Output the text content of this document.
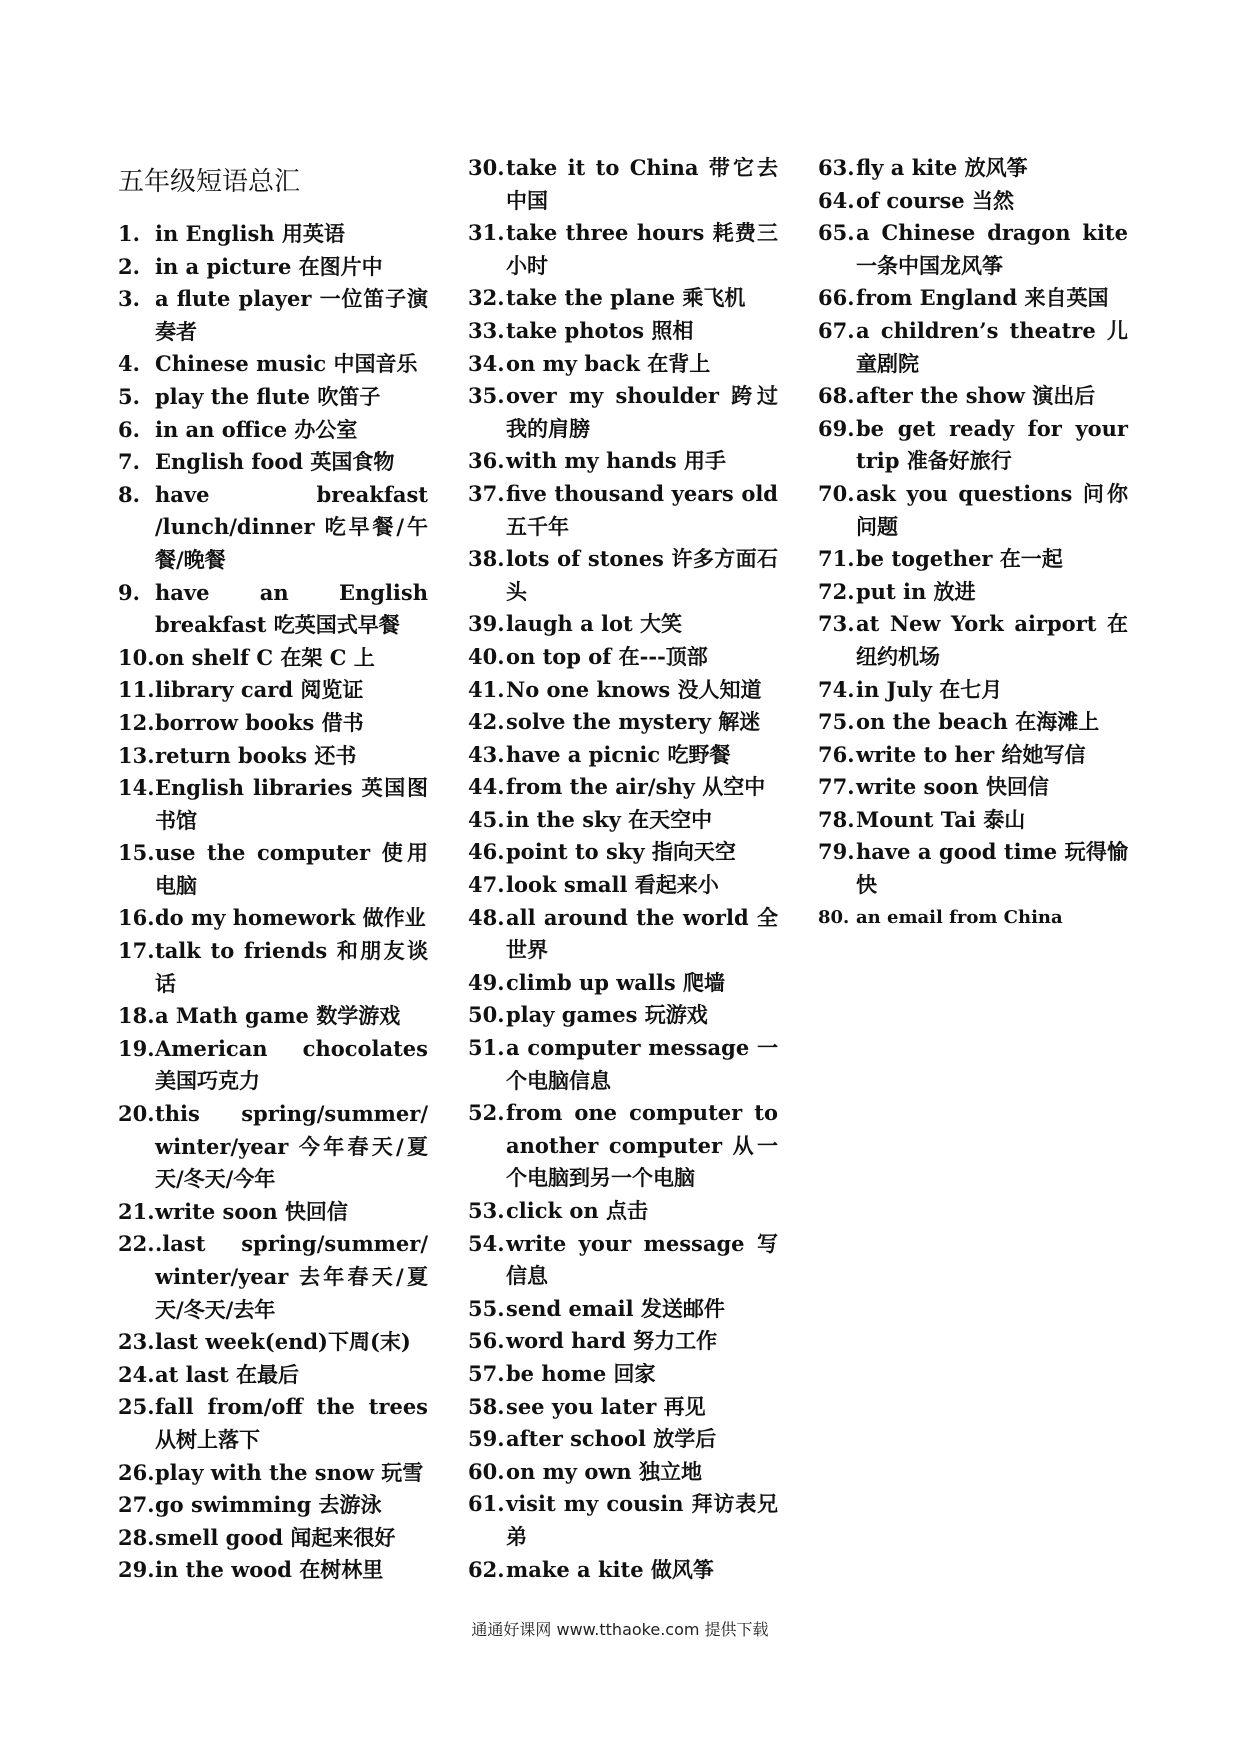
五年级短语总汇
1. in English 用英语
2. in a picture 在图片中
3. a flute player 一位笛子演奏者
4. Chinese music 中国音乐
5. play the flute 吹笛子
6. in an office 办公室
7. English food 英国食物
8. have breakfast /lunch/dinner 吃早餐/午餐/晚餐
9. have an English breakfast 吃英国式早餐
10. on shelf C 在架 C 上
11. library card 阅览证
12. borrow books 借书
13. return books 还书
14. English libraries 英国图书馆
15. use the computer 使用电脑
16. do my homework 做作业
17. talk to friends 和朋友谈话
18. a Math game 数学游戏
19. American chocolates 美国巧克力
20. this spring/summer/ winter/year 今年春天/夏天/冬天/今年
21. write soon 快回信
22. .last spring/summer/ winter/year 去年春天/夏天/冬天/去年
23. last week(end)下周(末)
24. at last 在最后
25. fall from/off the trees 从树上落下
26. play with the snow 玩雪
27. go swimming 去游泳
28. smell good 闻起来很好
29. in the wood 在树林里
30. take it to China 带它去中国
31. take three hours 耗费三小时
32. take the plane 乘飞机
33. take photos 照相
34. on my back 在背上
35. over my shoulder 跨过我的肩膀
36. with my hands 用手
37. five thousand years old 五千年
38. lots of stones 许多方面石头
39. laugh a lot 大笑
40. on top of 在---顶部
41. No one knows 没人知道
42. solve the mystery 解迷
43. have a picnic 吃野餐
44. from the air/shy 从空中
45. in the sky 在天空中
46. point to sky 指向天空
47. look small 看起来小
48. all around the world 全世界
49. climb up walls 爬墙
50. play games 玩游戏
51. a computer message 一个电脑信息
52. from one computer to another computer 从一个电脑到另一个电脑
53. click on 点击
54. write your message 写信息
55. send email 发送邮件
56. word hard 努力工作
57. be home 回家
58. see you later 再见
59. after school 放学后
60. on my own 独立地
61. visit my cousin 拜访表兄弟
62. make a kite 做风筝
63. fly a kite 放风筝
64. of course 当然
65. a Chinese dragon kite 一条中国龙风筝
66. from England 来自英国
67. a children’s theatre 儿童剧院
68. after the show 演出后
69. be get ready for your trip 准备好旅行
70. ask you questions 问你问题
71. be together 在一起
72. put in 放进
73. at New York airport 在纽约机场
74. in July 在七月
75. on the beach 在海滩上
76. write to her 给她写信
77. write soon 快回信
78. Mount Tai 泰山
79. have a good time 玩得愉快
80. an email from China
通通好课网 www.tthaoke.com 提供下载
